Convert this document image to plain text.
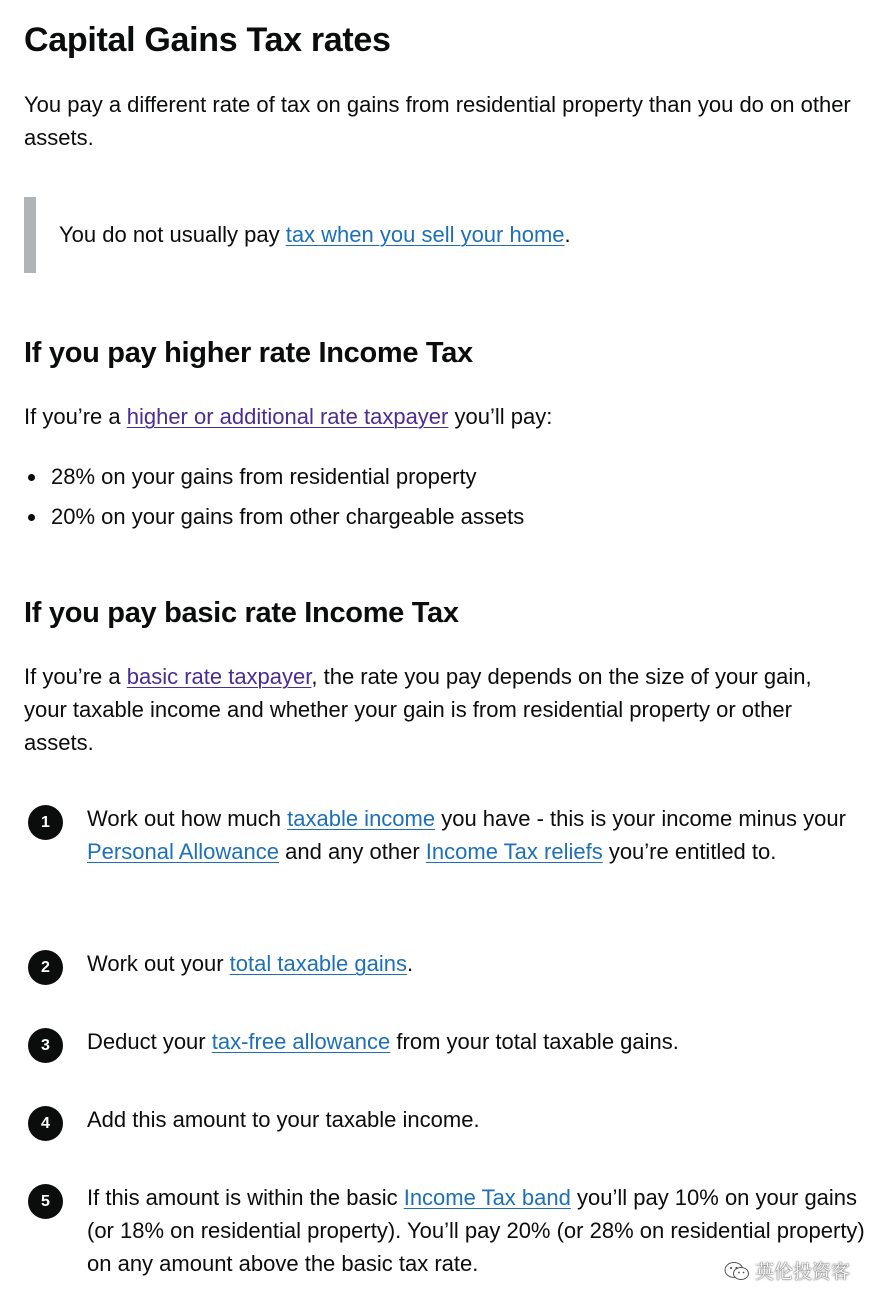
Capital Gains Tax rates

You pay a different rate of tax on gains from residential property than you do on other assets.

You do not usually pay tax when you sell your home.

If you pay higher rate Income Tax

If you’re a higher or additional rate taxpayer you’ll pay:

28% on your gains from residential property
20% on your gains from other chargeable assets
If you pay basic rate Income Tax

If you’re a basic rate taxpayer, the rate you pay depends on the size of your gain, your taxable income and whether your gain is from residential property or other assets.

1	Work out how much taxable income you have - this is your income minus your Personal Allowance and any other Income Tax reliefs you’re entitled to.

2	Work out your total taxable gains.

3	Deduct your tax-free allowance from your total taxable gains.

4	Add this amount to your taxable income.

5	If this amount is within the basic Income Tax band you’ll pay 10% on your gains (or 18% on residential property). You’ll pay 20% (or 28% on residential property) on any amount above the basic tax rate.	英伦投资客
